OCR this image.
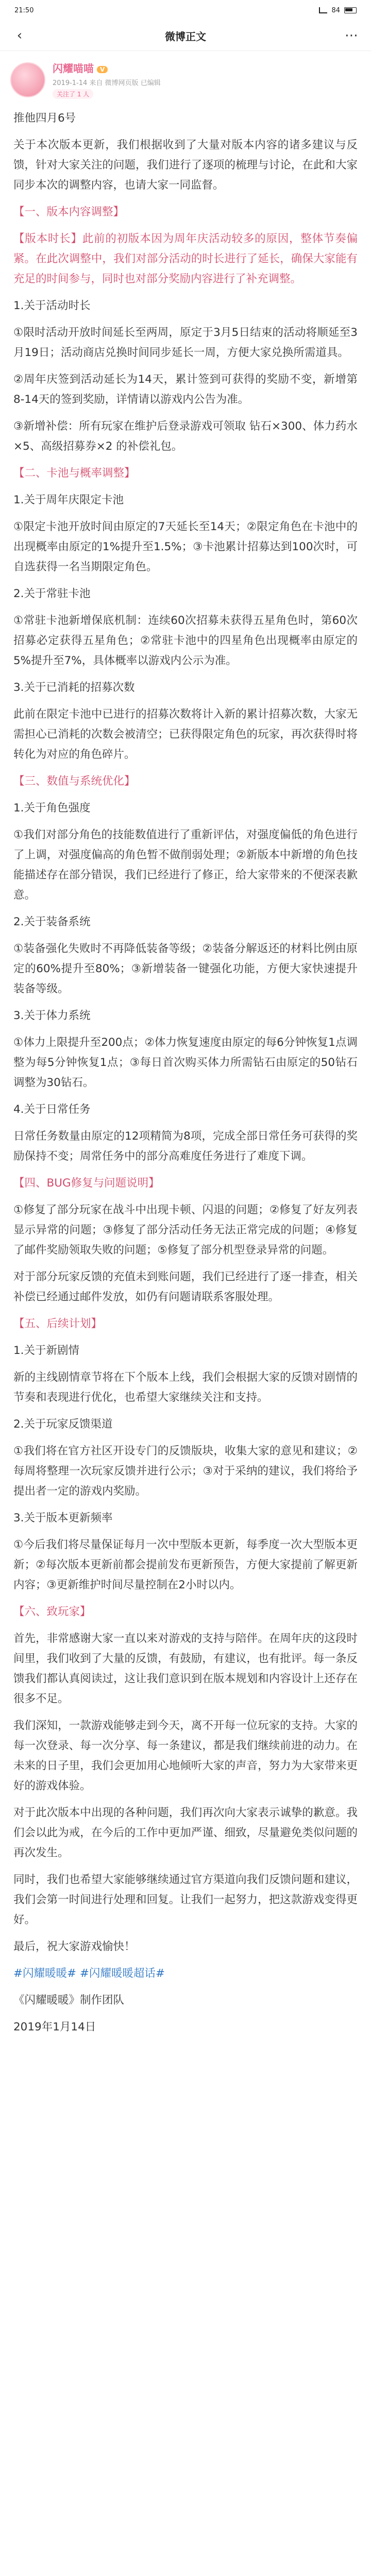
21:50	84
‹	微博正文	⋯
闪耀喵喵 V
2019-1-14 来自 微博网页版 已编辑
关注了 1 人

推他四月6号

关于本次版本更新，我们根据收到了大量对版本内容的诸多建议与反馈，针对大家关注的问题，我们进行了逐项的梳理与讨论，在此和大家同步本次的调整内容，也请大家一同监督。

【一、版本内容调整】

【版本时长】此前的初版本因为周年庆活动较多的原因，整体节奏偏紧。在此次调整中，我们对部分活动的时长进行了延长，确保大家能有充足的时间参与，同时也对部分奖励内容进行了补充调整。

1.关于活动时长

①限时活动开放时间延长至两周，原定于3月5日结束的活动将顺延至3月19日；活动商店兑换时间同步延长一周，方便大家兑换所需道具。

②周年庆签到活动延长为14天，累计签到可获得的奖励不变，新增第8-14天的签到奖励，详情请以游戏内公告为准。

③新增补偿：所有玩家在维护后登录游戏可领取 钻石×300、体力药水×5、高级招募券×2 的补偿礼包。

【二、卡池与概率调整】

1.关于周年庆限定卡池

①限定卡池开放时间由原定的7天延长至14天；②限定角色在卡池中的出现概率由原定的1%提升至1.5%；③卡池累计招募达到100次时，可自选获得一名当期限定角色。

2.关于常驻卡池

①常驻卡池新增保底机制：连续60次招募未获得五星角色时，第60次招募必定获得五星角色；②常驻卡池中的四星角色出现概率由原定的5%提升至7%，具体概率以游戏内公示为准。

3.关于已消耗的招募次数

此前在限定卡池中已进行的招募次数将计入新的累计招募次数，大家无需担心已消耗的次数会被清空；已获得限定角色的玩家，再次获得时将转化为对应的角色碎片。

【三、数值与系统优化】

1.关于角色强度

①我们对部分角色的技能数值进行了重新评估，对强度偏低的角色进行了上调，对强度偏高的角色暂不做削弱处理；②新版本中新增的角色技能描述存在部分错误，我们已经进行了修正，给大家带来的不便深表歉意。

2.关于装备系统

①装备强化失败时不再降低装备等级；②装备分解返还的材料比例由原定的60%提升至80%；③新增装备一键强化功能，方便大家快速提升装备等级。

3.关于体力系统

①体力上限提升至200点；②体力恢复速度由原定的每6分钟恢复1点调整为每5分钟恢复1点；③每日首次购买体力所需钻石由原定的50钻石调整为30钻石。

4.关于日常任务

日常任务数量由原定的12项精简为8项，完成全部日常任务可获得的奖励保持不变；周常任务中的部分高难度任务进行了难度下调。

【四、BUG修复与问题说明】

①修复了部分玩家在战斗中出现卡顿、闪退的问题；②修复了好友列表显示异常的问题；③修复了部分活动任务无法正常完成的问题；④修复了邮件奖励领取失败的问题；⑤修复了部分机型登录异常的问题。

对于部分玩家反馈的充值未到账问题，我们已经进行了逐一排查，相关补偿已经通过邮件发放，如仍有问题请联系客服处理。

【五、后续计划】

1.关于新剧情

新的主线剧情章节将在下个版本上线，我们会根据大家的反馈对剧情的节奏和表现进行优化，也希望大家继续关注和支持。

2.关于玩家反馈渠道

①我们将在官方社区开设专门的反馈版块，收集大家的意见和建议；②每周将整理一次玩家反馈并进行公示；③对于采纳的建议，我们将给予提出者一定的游戏内奖励。

3.关于版本更新频率

①今后我们将尽量保证每月一次中型版本更新，每季度一次大型版本更新；②每次版本更新前都会提前发布更新预告，方便大家提前了解更新内容；③更新维护时间尽量控制在2小时以内。

【六、致玩家】

首先，非常感谢大家一直以来对游戏的支持与陪伴。在周年庆的这段时间里，我们收到了大量的反馈，有鼓励，有建议，也有批评。每一条反馈我们都认真阅读过，这让我们意识到在版本规划和内容设计上还存在很多不足。

我们深知，一款游戏能够走到今天，离不开每一位玩家的支持。大家的每一次登录、每一次分享、每一条建议，都是我们继续前进的动力。在未来的日子里，我们会更加用心地倾听大家的声音，努力为大家带来更好的游戏体验。

对于此次版本中出现的各种问题，我们再次向大家表示诚挚的歉意。我们会以此为戒，在今后的工作中更加严谨、细致，尽量避免类似问题的再次发生。

同时，我们也希望大家能够继续通过官方渠道向我们反馈问题和建议，我们会第一时间进行处理和回复。让我们一起努力，把这款游戏变得更好。

最后，祝大家游戏愉快！

#闪耀暖暖# #闪耀暖暖超话#

《闪耀暖暖》制作团队

2019年1月14日
